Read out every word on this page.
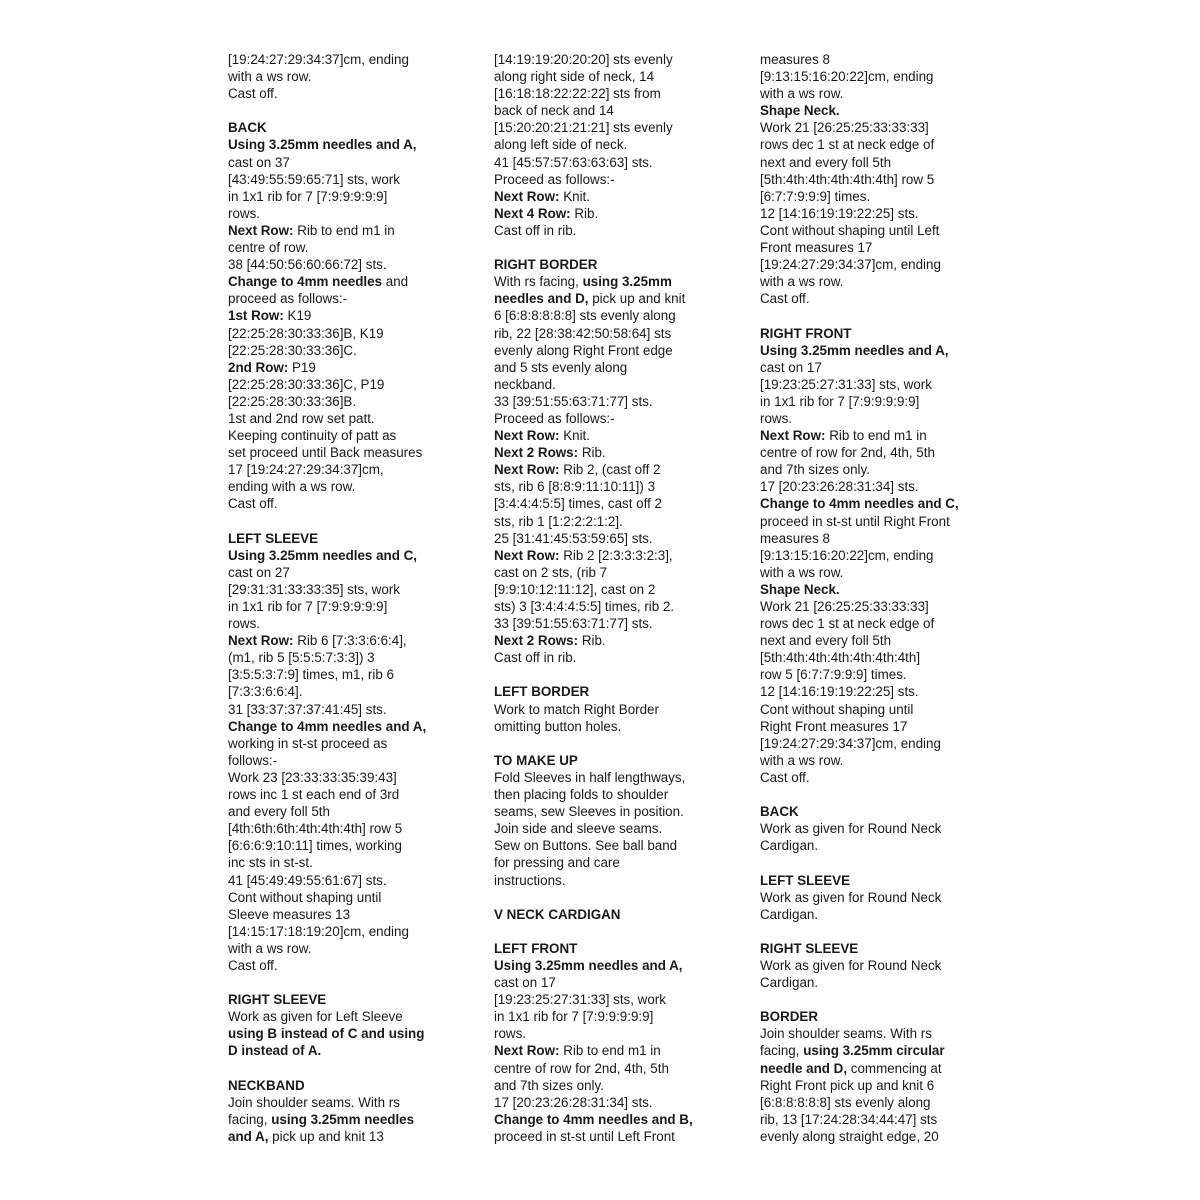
[19:24:27:29:34:37]cm, ending
with a ws row.
Cast off.
BACK
Using 3.25mm needles and A,
cast on 37
[43:49:55:59:65:71] sts, work
in 1x1 rib for 7 [7:9:9:9:9:9]
rows.
Next Row: Rib to end m1 in
centre of row.
38 [44:50:56:60:66:72] sts.
Change to 4mm needles and
proceed as follows:-
1st Row: K19
[22:25:28:30:33:36]B, K19
[22:25:28:30:33:36]C.
2nd Row: P19
[22:25:28:30:33:36]C, P19
[22:25:28:30:33:36]B.
1st and 2nd row set patt.
Keeping continuity of patt as
set proceed until Back measures
17 [19:24:27:29:34:37]cm,
ending with a ws row.
Cast off.
LEFT SLEEVE
Using 3.25mm needles and C,
cast on 27
[29:31:31:33:33:35] sts, work
in 1x1 rib for 7 [7:9:9:9:9:9]
rows.
Next Row: Rib 6 [7:3:3:6:6:4],
(m1, rib 5 [5:5:5:7:3:3]) 3
[3:5:5:3:7:9] times, m1, rib 6
[7:3:3:6:6:4].
31 [33:37:37:37:41:45] sts.
Change to 4mm needles and A,
working in st-st proceed as
follows:-
Work 23 [23:33:33:35:39:43]
rows inc 1 st each end of 3rd
and every foll 5th
[4th:6th:6th:4th:4th:4th] row 5
[6:6:6:9:10:11] times, working
inc sts in st-st.
41 [45:49:49:55:61:67] sts.
Cont without shaping until
Sleeve measures 13
[14:15:17:18:19:20]cm, ending
with a ws row.
Cast off.
RIGHT SLEEVE
Work as given for Left Sleeve
using B instead of C and using
D instead of A.
NECKBAND
Join shoulder seams. With rs
facing, using 3.25mm needles
and A, pick up and knit 13
[14:19:19:20:20:20] sts evenly
along right side of neck, 14
[16:18:18:22:22:22] sts from
back of neck and 14
[15:20:20:21:21:21] sts evenly
along left side of neck.
41 [45:57:57:63:63:63] sts.
Proceed as follows:-
Next Row: Knit.
Next 4 Row: Rib.
Cast off in rib.
RIGHT BORDER
With rs facing, using 3.25mm
needles and D, pick up and knit
6 [6:8:8:8:8:8] sts evenly along
rib, 22 [28:38:42:50:58:64] sts
evenly along Right Front edge
and 5 sts evenly along
neckband.
33 [39:51:55:63:71:77] sts.
Proceed as follows:-
Next Row: Knit.
Next 2 Rows: Rib.
Next Row: Rib 2, (cast off 2
sts, rib 6 [8:8:9:11:10:11]) 3
[3:4:4:4:5:5] times, cast off 2
sts, rib 1 [1:2:2:2:1:2].
25 [31:41:45:53:59:65] sts.
Next Row: Rib 2 [2:3:3:3:2:3],
cast on 2 sts, (rib 7
[9:9:10:12:11:12], cast on 2
sts) 3 [3:4:4:4:5:5] times, rib 2.
33 [39:51:55:63:71:77] sts.
Next 2 Rows: Rib.
Cast off in rib.
LEFT BORDER
Work to match Right Border
omitting button holes.
TO MAKE UP
Fold Sleeves in half lengthways,
then placing folds to shoulder
seams, sew Sleeves in position.
Join side and sleeve seams.
Sew on Buttons. See ball band
for pressing and care
instructions.
V NECK CARDIGAN
LEFT FRONT
Using 3.25mm needles and A,
cast on 17
[19:23:25:27:31:33] sts, work
in 1x1 rib for 7 [7:9:9:9:9:9]
rows.
Next Row: Rib to end m1 in
centre of row for 2nd, 4th, 5th
and 7th sizes only.
17 [20:23:26:28:31:34] sts.
Change to 4mm needles and B,
proceed in st-st until Left Front
measures 8
[9:13:15:16:20:22]cm, ending
with a ws row.
Shape Neck.
Work 21 [26:25:25:33:33:33]
rows dec 1 st at neck edge of
next and every foll 5th
[5th:4th:4th:4th:4th:4th] row 5
[6:7:7:9:9:9] times.
12 [14:16:19:19:22:25] sts.
Cont without shaping until Left
Front measures 17
[19:24:27:29:34:37]cm, ending
with a ws row.
Cast off.
RIGHT FRONT
Using 3.25mm needles and A,
cast on 17
[19:23:25:27:31:33] sts, work
in 1x1 rib for 7 [7:9:9:9:9:9]
rows.
Next Row: Rib to end m1 in
centre of row for 2nd, 4th, 5th
and 7th sizes only.
17 [20:23:26:28:31:34] sts.
Change to 4mm needles and C,
proceed in st-st until Right Front
measures 8
[9:13:15:16:20:22]cm, ending
with a ws row.
Shape Neck.
Work 21 [26:25:25:33:33:33]
rows dec 1 st at neck edge of
next and every foll 5th
[5th:4th:4th:4th:4th:4th:4th]
row 5 [6:7:7:9:9:9] times.
12 [14:16:19:19:22:25] sts.
Cont without shaping until
Right Front measures 17
[19:24:27:29:34:37]cm, ending
with a ws row.
Cast off.
BACK
Work as given for Round Neck
Cardigan.
LEFT SLEEVE
Work as given for Round Neck
Cardigan.
RIGHT SLEEVE
Work as given for Round Neck
Cardigan.
BORDER
Join shoulder seams. With rs
facing, using 3.25mm circular
needle and D, commencing at
Right Front pick up and knit 6
[6:8:8:8:8:8] sts evenly along
rib, 13 [17:24:28:34:44:47] sts
evenly along straight edge, 20
